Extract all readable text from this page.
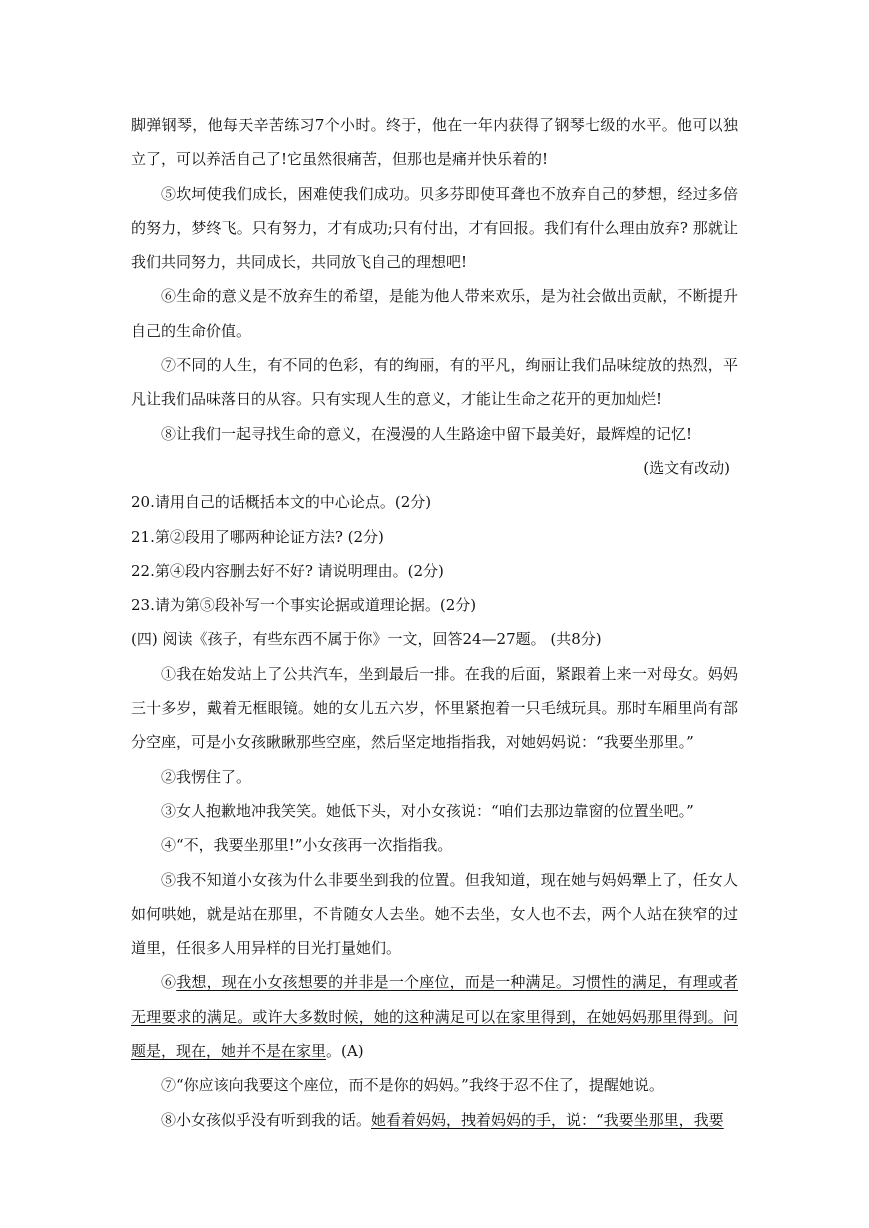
脚弹钢琴，他每天辛苦练习7个小时。终于，他在一年内获得了钢琴七级的水平。他可以独立了，可以养活自己了!它虽然很痛苦，但那也是痛并快乐着的!

⑤坎坷使我们成长，困难使我们成功。贝多芬即使耳聋也不放弃自己的梦想，经过多倍的努力，梦终飞。只有努力，才有成功;只有付出，才有回报。我们有什么理由放弃? 那就让我们共同努力，共同成长，共同放飞自己的理想吧!

⑥生命的意义是不放弃生的希望，是能为他人带来欢乐，是为社会做出贡献，不断提升自己的生命价值。

⑦不同的人生，有不同的色彩，有的绚丽，有的平凡，绚丽让我们品味绽放的热烈，平凡让我们品味落日的从容。只有实现人生的意义，才能让生命之花开的更加灿烂!

⑧让我们一起寻找生命的意义，在漫漫的人生路途中留下最美好，最辉煌的记忆!

(选文有改动)

20.请用自己的话概括本文的中心论点。(2分)

21.第②段用了哪两种论证方法? (2分)

22.第④段内容删去好不好? 请说明理由。(2分)

23.请为第⑤段补写一个事实论据或道理论据。(2分)

(四) 阅读《孩子，有些东西不属于你》一文，回答24—27题。 (共8分)

①我在始发站上了公共汽车，坐到最后一排。在我的后面，紧跟着上来一对母女。妈妈三十多岁，戴着无框眼镜。她的女儿五六岁，怀里紧抱着一只毛绒玩具。那时车厢里尚有部分空座，可是小女孩瞅瞅那些空座，然后坚定地指指我，对她妈妈说：“我要坐那里。”

②我愣住了。

③女人抱歉地冲我笑笑。她低下头，对小女孩说：“咱们去那边靠窗的位置坐吧。”

④“不，我要坐那里!”小女孩再一次指指我。

⑤我不知道小女孩为什么非要坐到我的位置。但我知道，现在她与妈妈犟上了，任女人如何哄她，就是站在那里，不肯随女人去坐。她不去坐，女人也不去，两个人站在狭窄的过道里，任很多人用异样的目光打量她们。

⑥我想，现在小女孩想要的并非是一个座位，而是一种满足。习惯性的满足，有理或者无理要求的满足。或许大多数时候，她的这种满足可以在家里得到，在她妈妈那里得到。问题是，现在，她并不是在家里。(A)

⑦“你应该向我要这个座位，而不是你的妈妈。”我终于忍不住了，提醒她说。

⑧小女孩似乎没有听到我的话。她看着妈妈，拽着妈妈的手，说：“我要坐那里，我要
